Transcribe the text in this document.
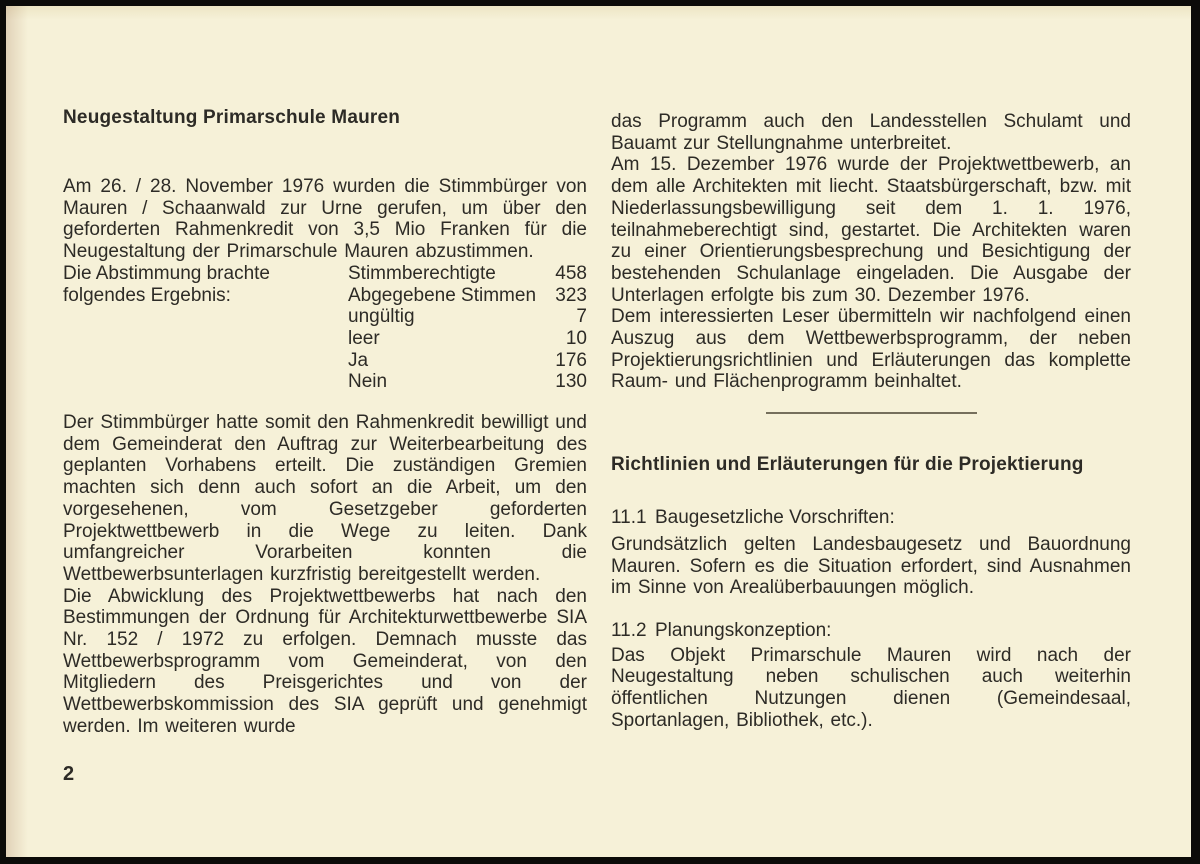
Neugestaltung Primarschule Mauren

Am 26. / 28. November 1976 wurden die Stimmbürger von Mauren / Schaanwald zur Urne gerufen, um über den geforderten Rahmenkredit von 3,5 Mio Franken für die Neugestaltung der Primarschule Mauren abzustimmen.

Die Abstimmung brachte
folgendes Ergebnis:
Stimmberechtigte	458
Abgegebene Stimmen 323
ungültig	7
leer	10
Ja	176
Nein	130

Der Stimmbürger hatte somit den Rahmenkredit bewilligt und dem Gemeinderat den Auftrag zur Weiterbearbeitung des geplanten Vorhabens erteilt. Die zuständigen Gremien machten sich denn auch sofort an die Arbeit, um den vorgesehenen, vom Gesetzgeber geforderten Projektwettbewerb in die Wege zu leiten. Dank umfangreicher Vorarbeiten konnten die Wettbewerbsunterlagen kurzfristig bereitgestellt werden.

Die Abwicklung des Projektwettbewerbs hat nach den Bestimmungen der Ordnung für Architekturwettbewerbe SIA Nr. 152 / 1972 zu erfolgen. Demnach musste das Wettbewerbsprogramm vom Gemeinderat, von den Mitgliedern des Preisgerichtes und von der Wettbewerbskommission des SIA geprüft und genehmigt werden. Im weiteren wurde

das Programm auch den Landesstellen Schulamt und Bauamt zur Stellungnahme unterbreitet.

Am 15. Dezember 1976 wurde der Projektwettbewerb, an dem alle Architekten mit liecht. Staatsbürgerschaft, bzw. mit Niederlassungsbewilligung seit dem 1. 1. 1976, teilnahmeberechtigt sind, gestartet. Die Architekten waren zu einer Orientierungsbesprechung und Besichtigung der bestehenden Schulanlage eingeladen. Die Ausgabe der Unterlagen erfolgte bis zum 30. Dezember 1976.

Dem interessierten Leser übermitteln wir nachfolgend einen Auszug aus dem Wettbewerbsprogramm, der neben Projektierungsrichtlinien und Erläuterungen das komplette Raum- und Flächenprogramm beinhaltet.

Richtlinien und Erläuterungen für die Projektierung
11.1 Baugesetzliche Vorschriften:

Grundsätzlich gelten Landesbaugesetz und Bauordnung Mauren. Sofern es die Situation erfordert, sind Ausnahmen im Sinne von Arealüberbauungen möglich.

11.2 Planungskonzeption:

Das Objekt Primarschule Mauren wird nach der Neugestaltung neben schulischen auch weiterhin öffentlichen Nutzungen dienen (Gemeindesaal, Sportanlagen, Bibliothek, etc.).

2
